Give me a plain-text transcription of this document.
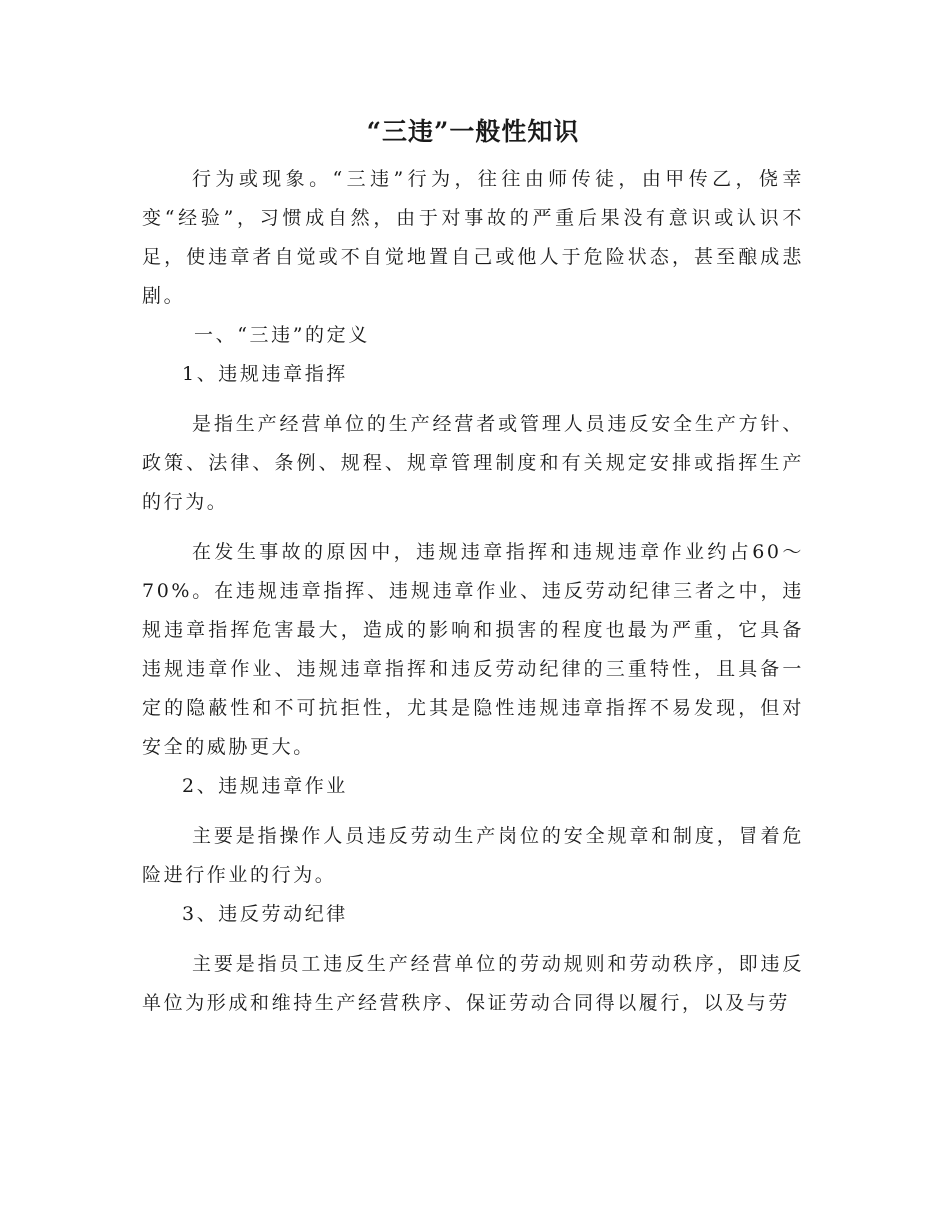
“三违”一般性知识

行为或现象。“三违”行为，往往由师传徒，由甲传乙，侥幸变“经验”，习惯成自然，由于对事故的严重后果没有意识或认识不足，使违章者自觉或不自觉地置自己或他人于危险状态，甚至酿成悲剧。

一、“三违”的定义

1、违规违章指挥

是指生产经营单位的生产经营者或管理人员违反安全生产方针、政策、法律、条例、规程、规章管理制度和有关规定安排或指挥生产的行为。

在发生事故的原因中，违规违章指挥和违规违章作业约占60～70%。在违规违章指挥、违规违章作业、违反劳动纪律三者之中，违规违章指挥危害最大，造成的影响和损害的程度也最为严重，它具备违规违章作业、违规违章指挥和违反劳动纪律的三重特性，且具备一定的隐蔽性和不可抗拒性，尤其是隐性违规违章指挥不易发现，但对安全的威胁更大。

2、违规违章作业

主要是指操作人员违反劳动生产岗位的安全规章和制度，冒着危险进行作业的行为。

3、违反劳动纪律

主要是指员工违反生产经营单位的劳动规则和劳动秩序，即违反单位为形成和维持生产经营秩序、保证劳动合同得以履行，以及与劳
